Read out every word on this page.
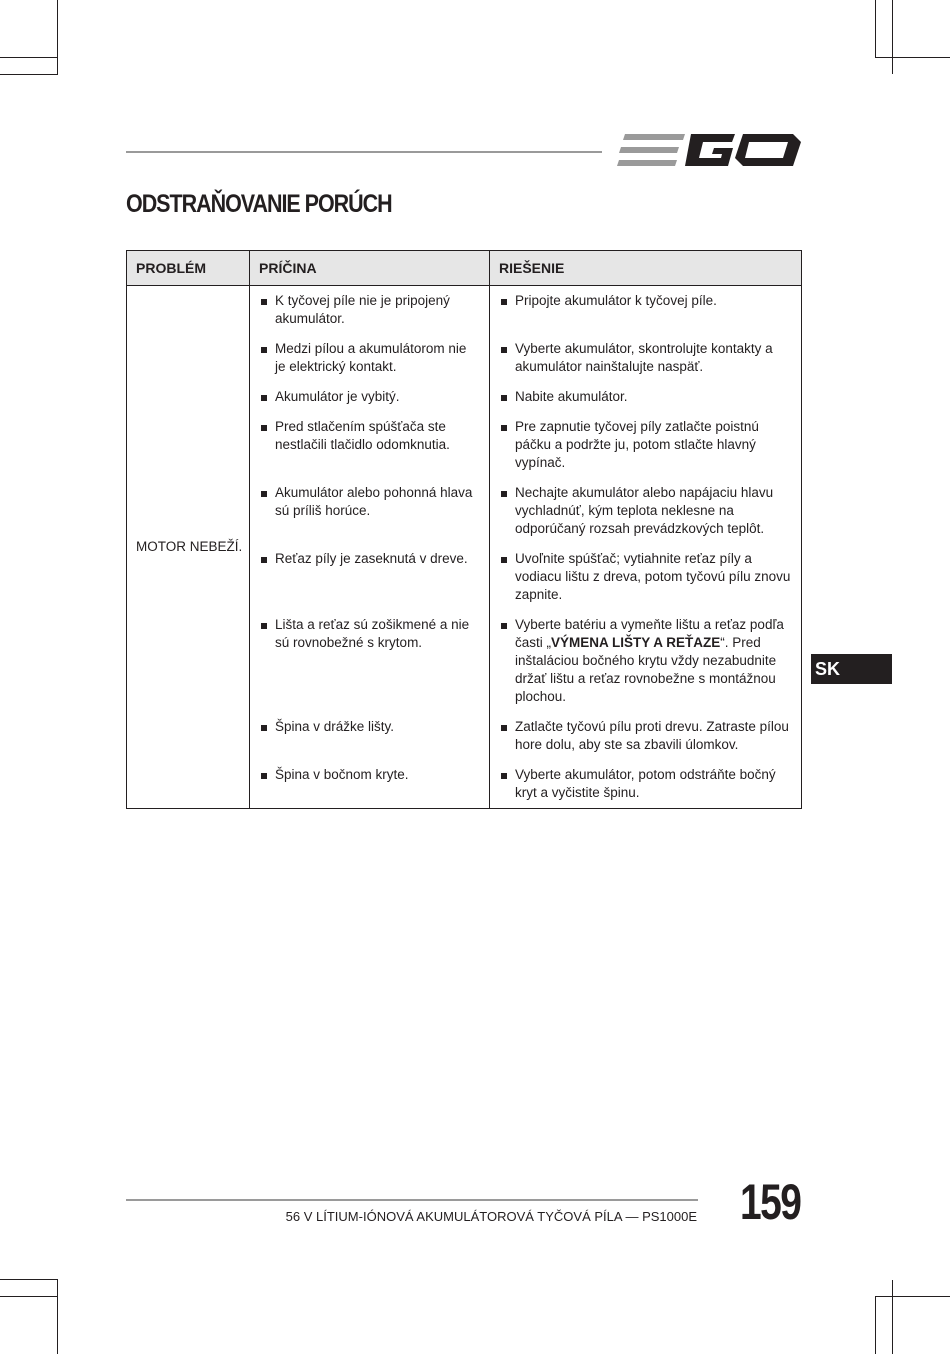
ODSTRAŇOVANIE PORÚCH
PROBLÉM	PRÍČINA	RIEŠENIE
MOTOR NEBEŽÍ.	K tyčovej píle nie je pripojený akumulátor.	Pripojte akumulátor k tyčovej píle.

	Medzi pílou a akumulátorom nie je elektrický kontakt.	Vyberte akumulátor, skontrolujte kontakty a akumulátor nainštalujte naspäť.

	Akumulátor je vybitý.	Nabite akumulátor.

	Pred stlačením spúšťača ste nestlačili tlačidlo odomknutia.	Pre zapnutie tyčovej píly zatlačte poistnú páčku a podržte ju, potom stlačte hlavný vypínač.

	Akumulátor alebo pohonná hlava sú príliš horúce.	Nechajte akumulátor alebo napájaciu hlavu vychladnúť, kým teplota neklesne na odporúčaný rozsah prevádzkových teplôt.

	Reťaz píly je zaseknutá v dreve.	Uvoľnite spúšťač; vytiahnite reťaz píly a vodiacu lištu z dreva, potom tyčovú pílu znovu zapnite.

	Lišta a reťaz sú zošikmené a nie sú rovnobežné s krytom.	Vyberte batériu a vymeňte lištu a reťaz podľa časti „VÝMENA LIŠTY A REŤAZE“. Pred inštaláciou bočného krytu vždy nezabudnite držať lištu a reťaz rovnobežne s montážnou plochou.

	Špina v drážke lišty.	Zatlačte tyčovú pílu proti drevu. Zatraste pílou hore dolu, aby ste sa zbavili úlomkov.

	Špina v bočnom kryte.	Vyberte akumulátor, potom odstráňte bočný kryt a vyčistite špinu.
SK
56 V LÍTIUM-IÓNOVÁ AKUMULÁTOROVÁ TYČOVÁ PÍLA — PS1000E 159
